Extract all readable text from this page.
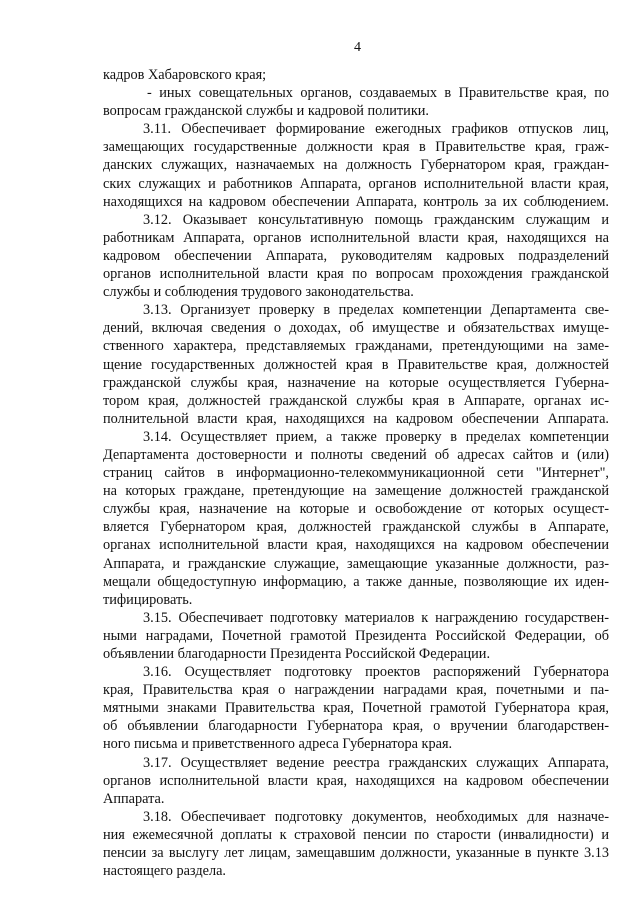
4
кадров Хабаровского края;
- иных совещательных органов, создаваемых в Правительстве края, по
вопросам гражданской службы и кадровой политики.
3.11. Обеспечивает формирование ежегодных графиков отпусков лиц,
замещающих государственные должности края в Правительстве края, граж-
данских служащих, назначаемых на должность Губернатором края, граждан-
ских служащих и работников Аппарата, органов исполнительной власти края,
находящихся на кадровом обеспечении Аппарата, контроль за их соблюдением.
3.12. Оказывает консультативную помощь гражданским служащим и
работникам Аппарата, органов исполнительной власти края, находящихся на
кадровом обеспечении Аппарата, руководителям кадровых подразделений
органов исполнительной власти края по вопросам прохождения гражданской
службы и соблюдения трудового законодательства.
3.13. Организует проверку в пределах компетенции Департамента све-
дений, включая сведения о доходах, об имуществе и обязательствах имуще-
ственного характера, представляемых гражданами, претендующими на заме-
щение государственных должностей края в Правительстве края, должностей
гражданской службы края, назначение на которые осуществляется Губерна-
тором края, должностей гражданской службы края в Аппарате, органах ис-
полнительной власти края, находящихся на кадровом обеспечении Аппарата.
3.14. Осуществляет прием, а также проверку в пределах компетенции
Департамента достоверности и полноты сведений об адресах сайтов и (или)
страниц сайтов в информационно-телекоммуникационной сети "Интернет",
на которых граждане, претендующие на замещение должностей гражданской
службы края, назначение на которые и освобождение от которых осущест-
вляется Губернатором края, должностей гражданской службы в Аппарате,
органах исполнительной власти края, находящихся на кадровом обеспечении
Аппарата, и гражданские служащие, замещающие указанные должности, раз-
мещали общедоступную информацию, а также данные, позволяющие их иден-
тифицировать.
3.15. Обеспечивает подготовку материалов к награждению государствен-
ными наградами, Почетной грамотой Президента Российской Федерации, об
объявлении благодарности Президента Российской Федерации.
3.16. Осуществляет подготовку проектов распоряжений Губернатора
края, Правительства края о награждении наградами края, почетными и па-
мятными знаками Правительства края, Почетной грамотой Губернатора края,
об объявлении благодарности Губернатора края, о вручении благодарствен-
ного письма и приветственного адреса Губернатора края.
3.17. Осуществляет ведение реестра гражданских служащих Аппарата,
органов исполнительной власти края, находящихся на кадровом обеспечении
Аппарата.
3.18. Обеспечивает подготовку документов, необходимых для назначе-
ния ежемесячной доплаты к страховой пенсии по старости (инвалидности) и
пенсии за выслугу лет лицам, замещавшим должности, указанные в пункте 3.13
настоящего раздела.
